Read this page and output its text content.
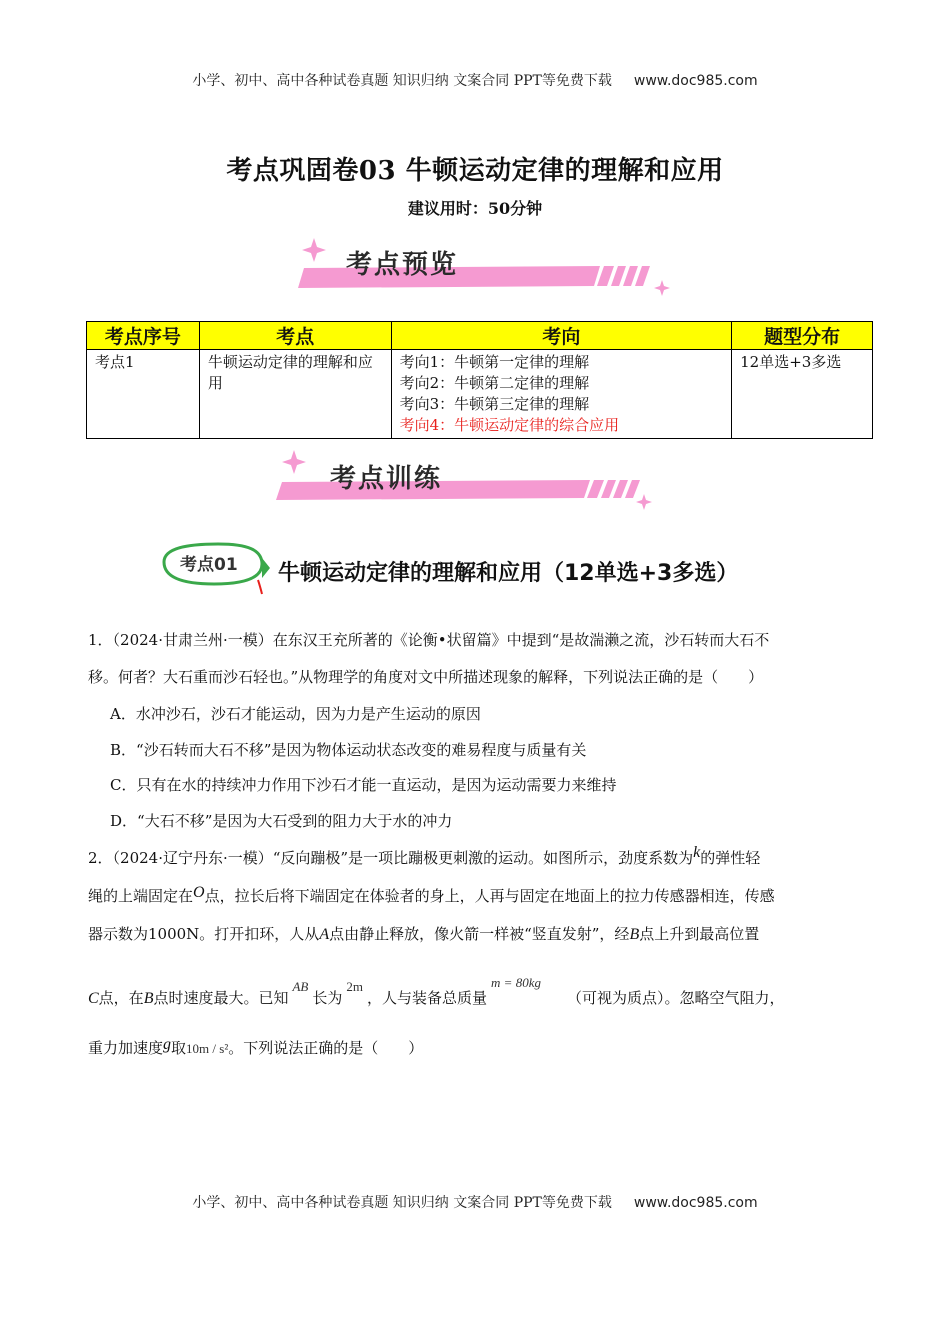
小学、初中、高中各种试卷真题 知识归纳 文案合同 PPT等免费下载 www.doc985.com
考点巩固卷03 牛顿运动定律的理解和应用
建议用时：50分钟
考点预览
考点序号	考点	考向	题型分布
考点1	牛顿运动定律的理解和应用	考向1：牛顿第一定律的理解
考向2：牛顿第二定律的理解
考向3：牛顿第三定律的理解
考向4：牛顿运动定律的综合应用	12单选+3多选
考点训练
考点01 牛顿运动定律的理解和应用（12单选+3多选）
1．（2024·甘肃兰州·一模）在东汉王充所著的《论衡•状留篇》中提到“是故湍濑之流，沙石转而大石不
移。何者？大石重而沙石轻也。”从物理学的角度对文中所描述现象的解释，下列说法正确的是（　　）
A．水冲沙石，沙石才能运动，因为力是产生运动的原因
B．“沙石转而大石不移”是因为物体运动状态改变的难易程度与质量有关
C．只有在水的持续冲力作用下沙石才能一直运动，是因为运动需要力来维持
D．“大石不移”是因为大石受到的阻力大于水的冲力
2．（2024·辽宁丹东·一模）“反向蹦极”是一项比蹦极更刺激的运动。如图所示，劲度系数为k的弹性轻
绳的上端固定在O点，拉长后将下端固定在体验者的身上，人再与固定在地面上的拉力传感器相连，传感
器示数为1000N。打开扣环，人从A点由静止释放，像火箭一样被“竖直发射”，经B点上升到最高位置
C点，在B点时速度最大。已知AB长为2m，人与装备总质量m = 80kg（可视为质点）。忽略空气阻力，
重力加速度g取10m / s²。下列说法正确的是（　　）
小学、初中、高中各种试卷真题 知识归纳 文案合同 PPT等免费下载 www.doc985.com
